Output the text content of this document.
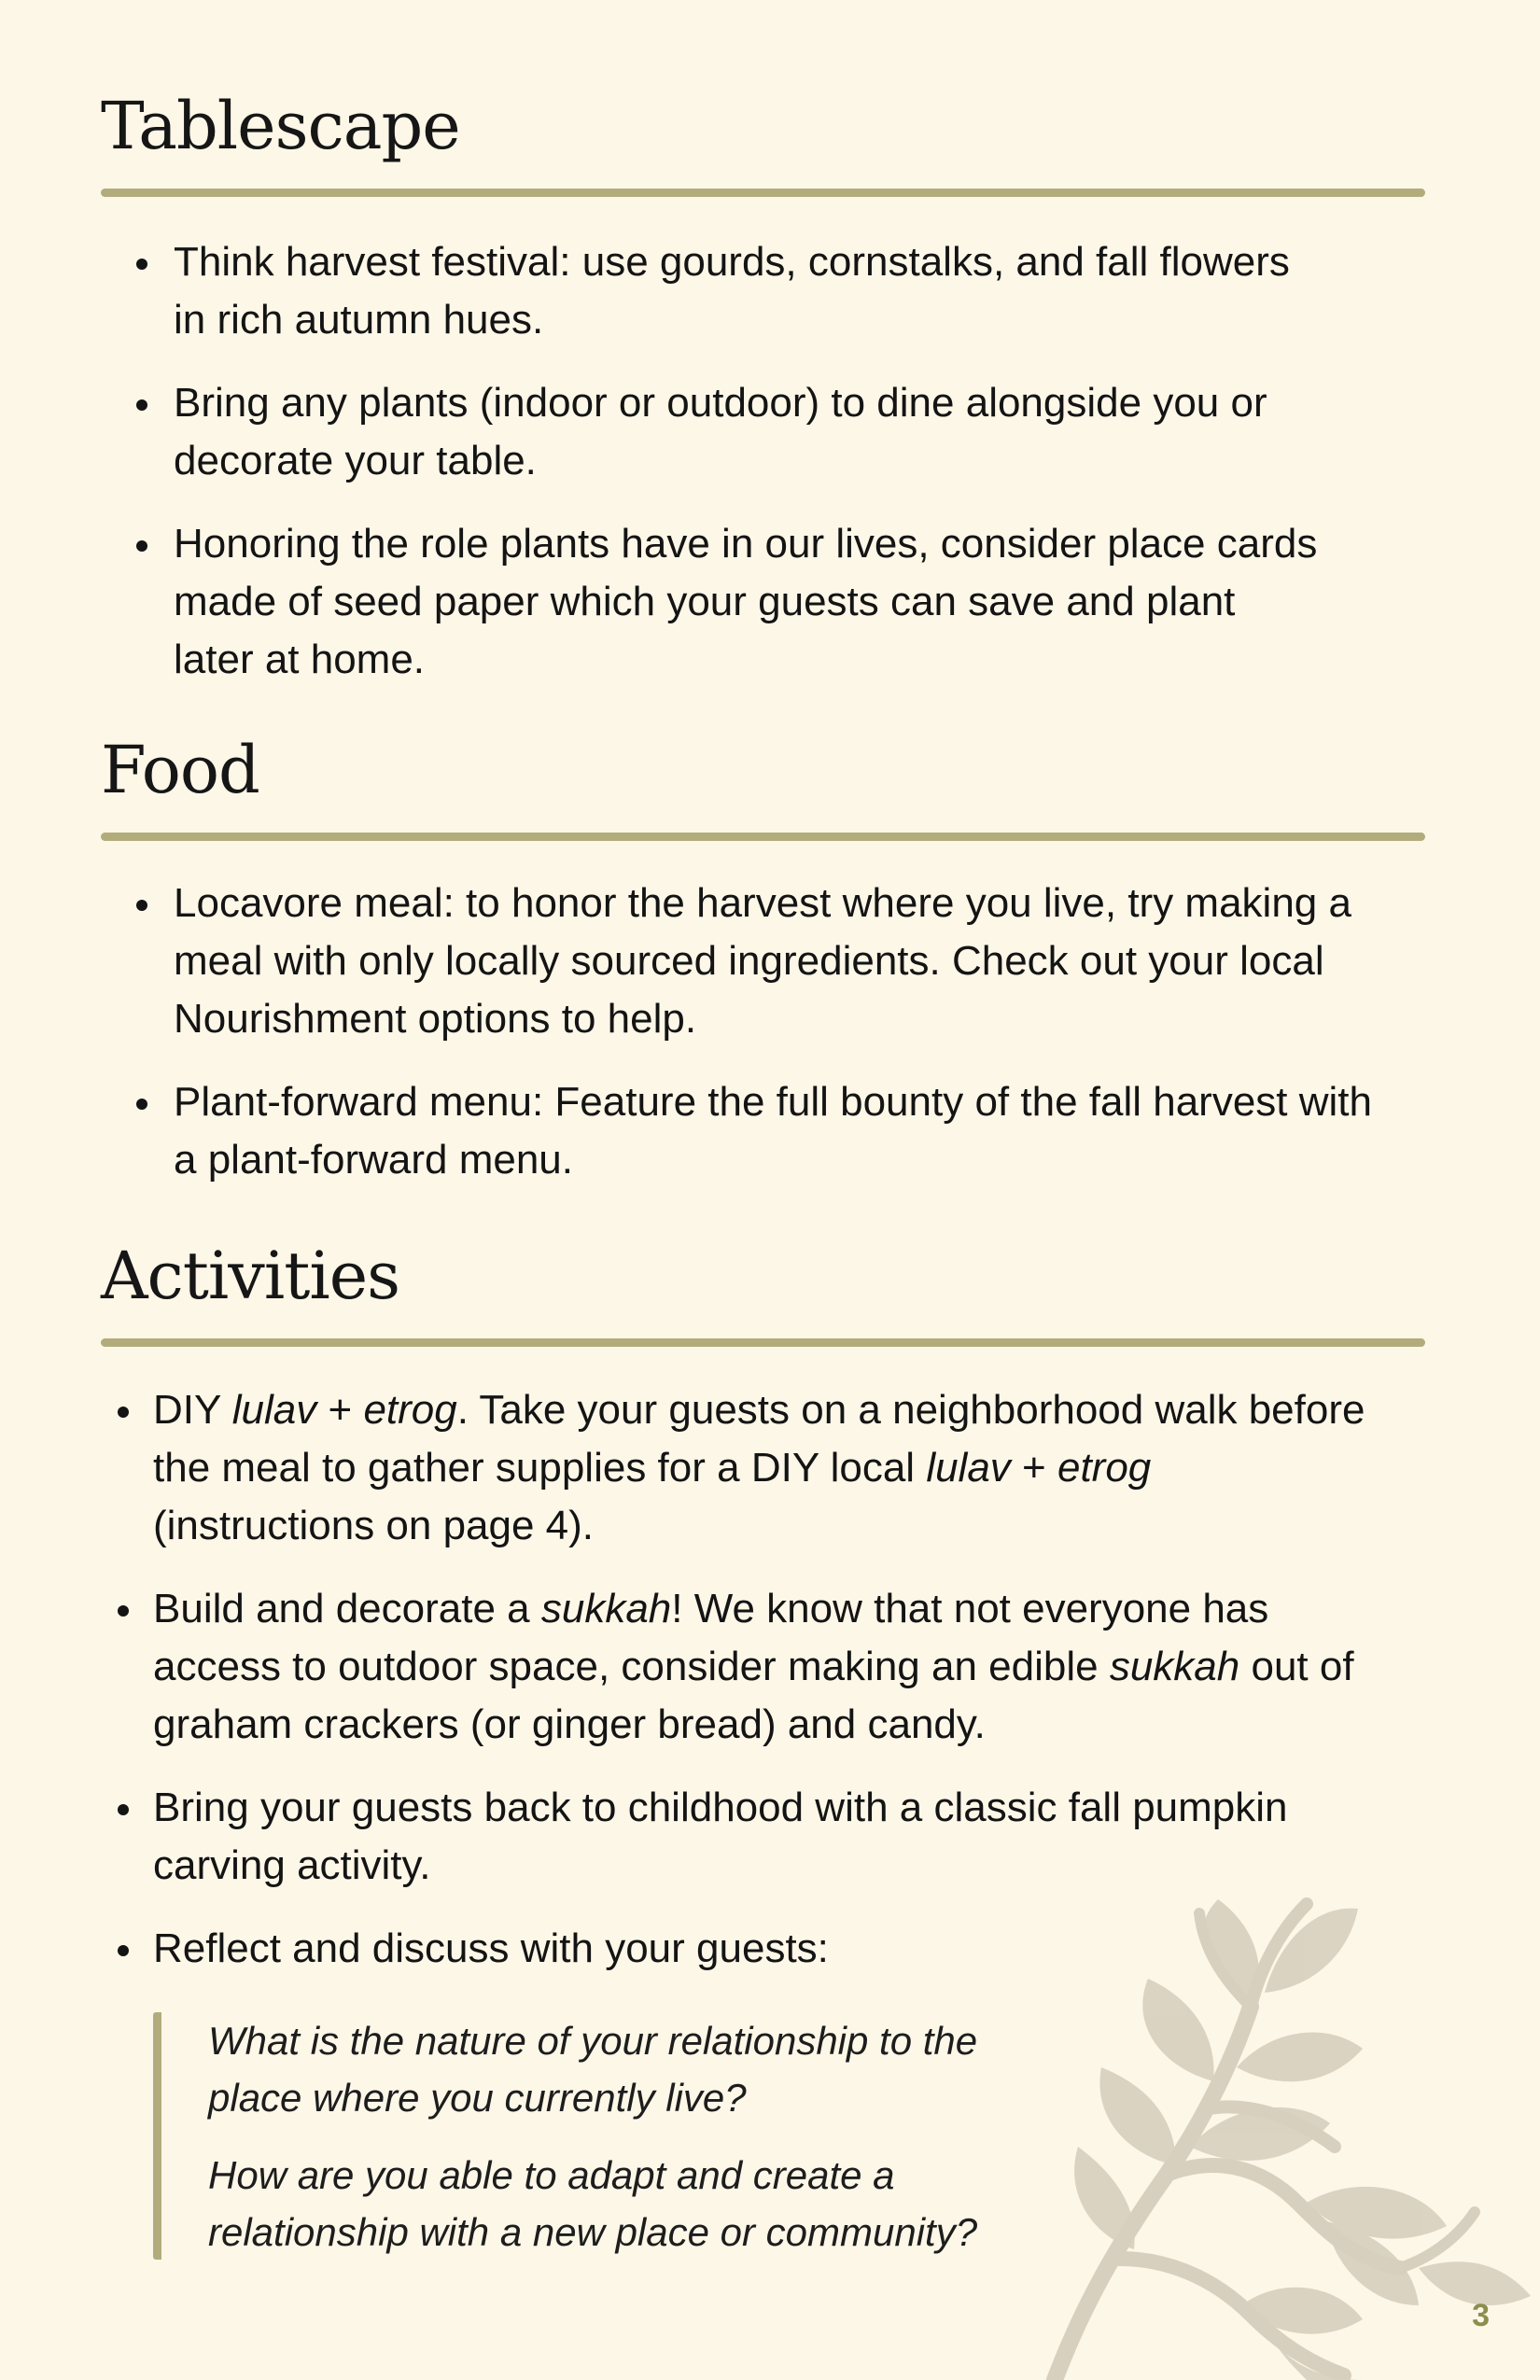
Tablescape
Think harvest festival: use gourds, cornstalks, and fall flowers
in rich autumn hues.
Bring any plants (indoor or outdoor) to dine alongside you or
decorate your table.
Honoring the role plants have in our lives, consider place cards
made of seed paper which your guests can save and plant
later at home.
Food
Locavore meal: to honor the harvest where you live, try making a
meal with only locally sourced ingredients. Check out your local
Nourishment options to help.
Plant-forward menu: Feature the full bounty of the fall harvest with
a plant-forward menu.
Activities
DIY lulav + etrog. Take your guests on a neighborhood walk before
the meal to gather supplies for a DIY local lulav + etrog
(instructions on page 4).
Build and decorate a sukkah! We know that not everyone has
access to outdoor space, consider making an edible sukkah out of
graham crackers (or ginger bread) and candy.
Bring your guests back to childhood with a classic fall pumpkin
carving activity.
Reflect and discuss with your guests:

What is the nature of your relationship to the
place where you currently live?

How are you able to adapt and create a
relationship with a new place or community?

3
